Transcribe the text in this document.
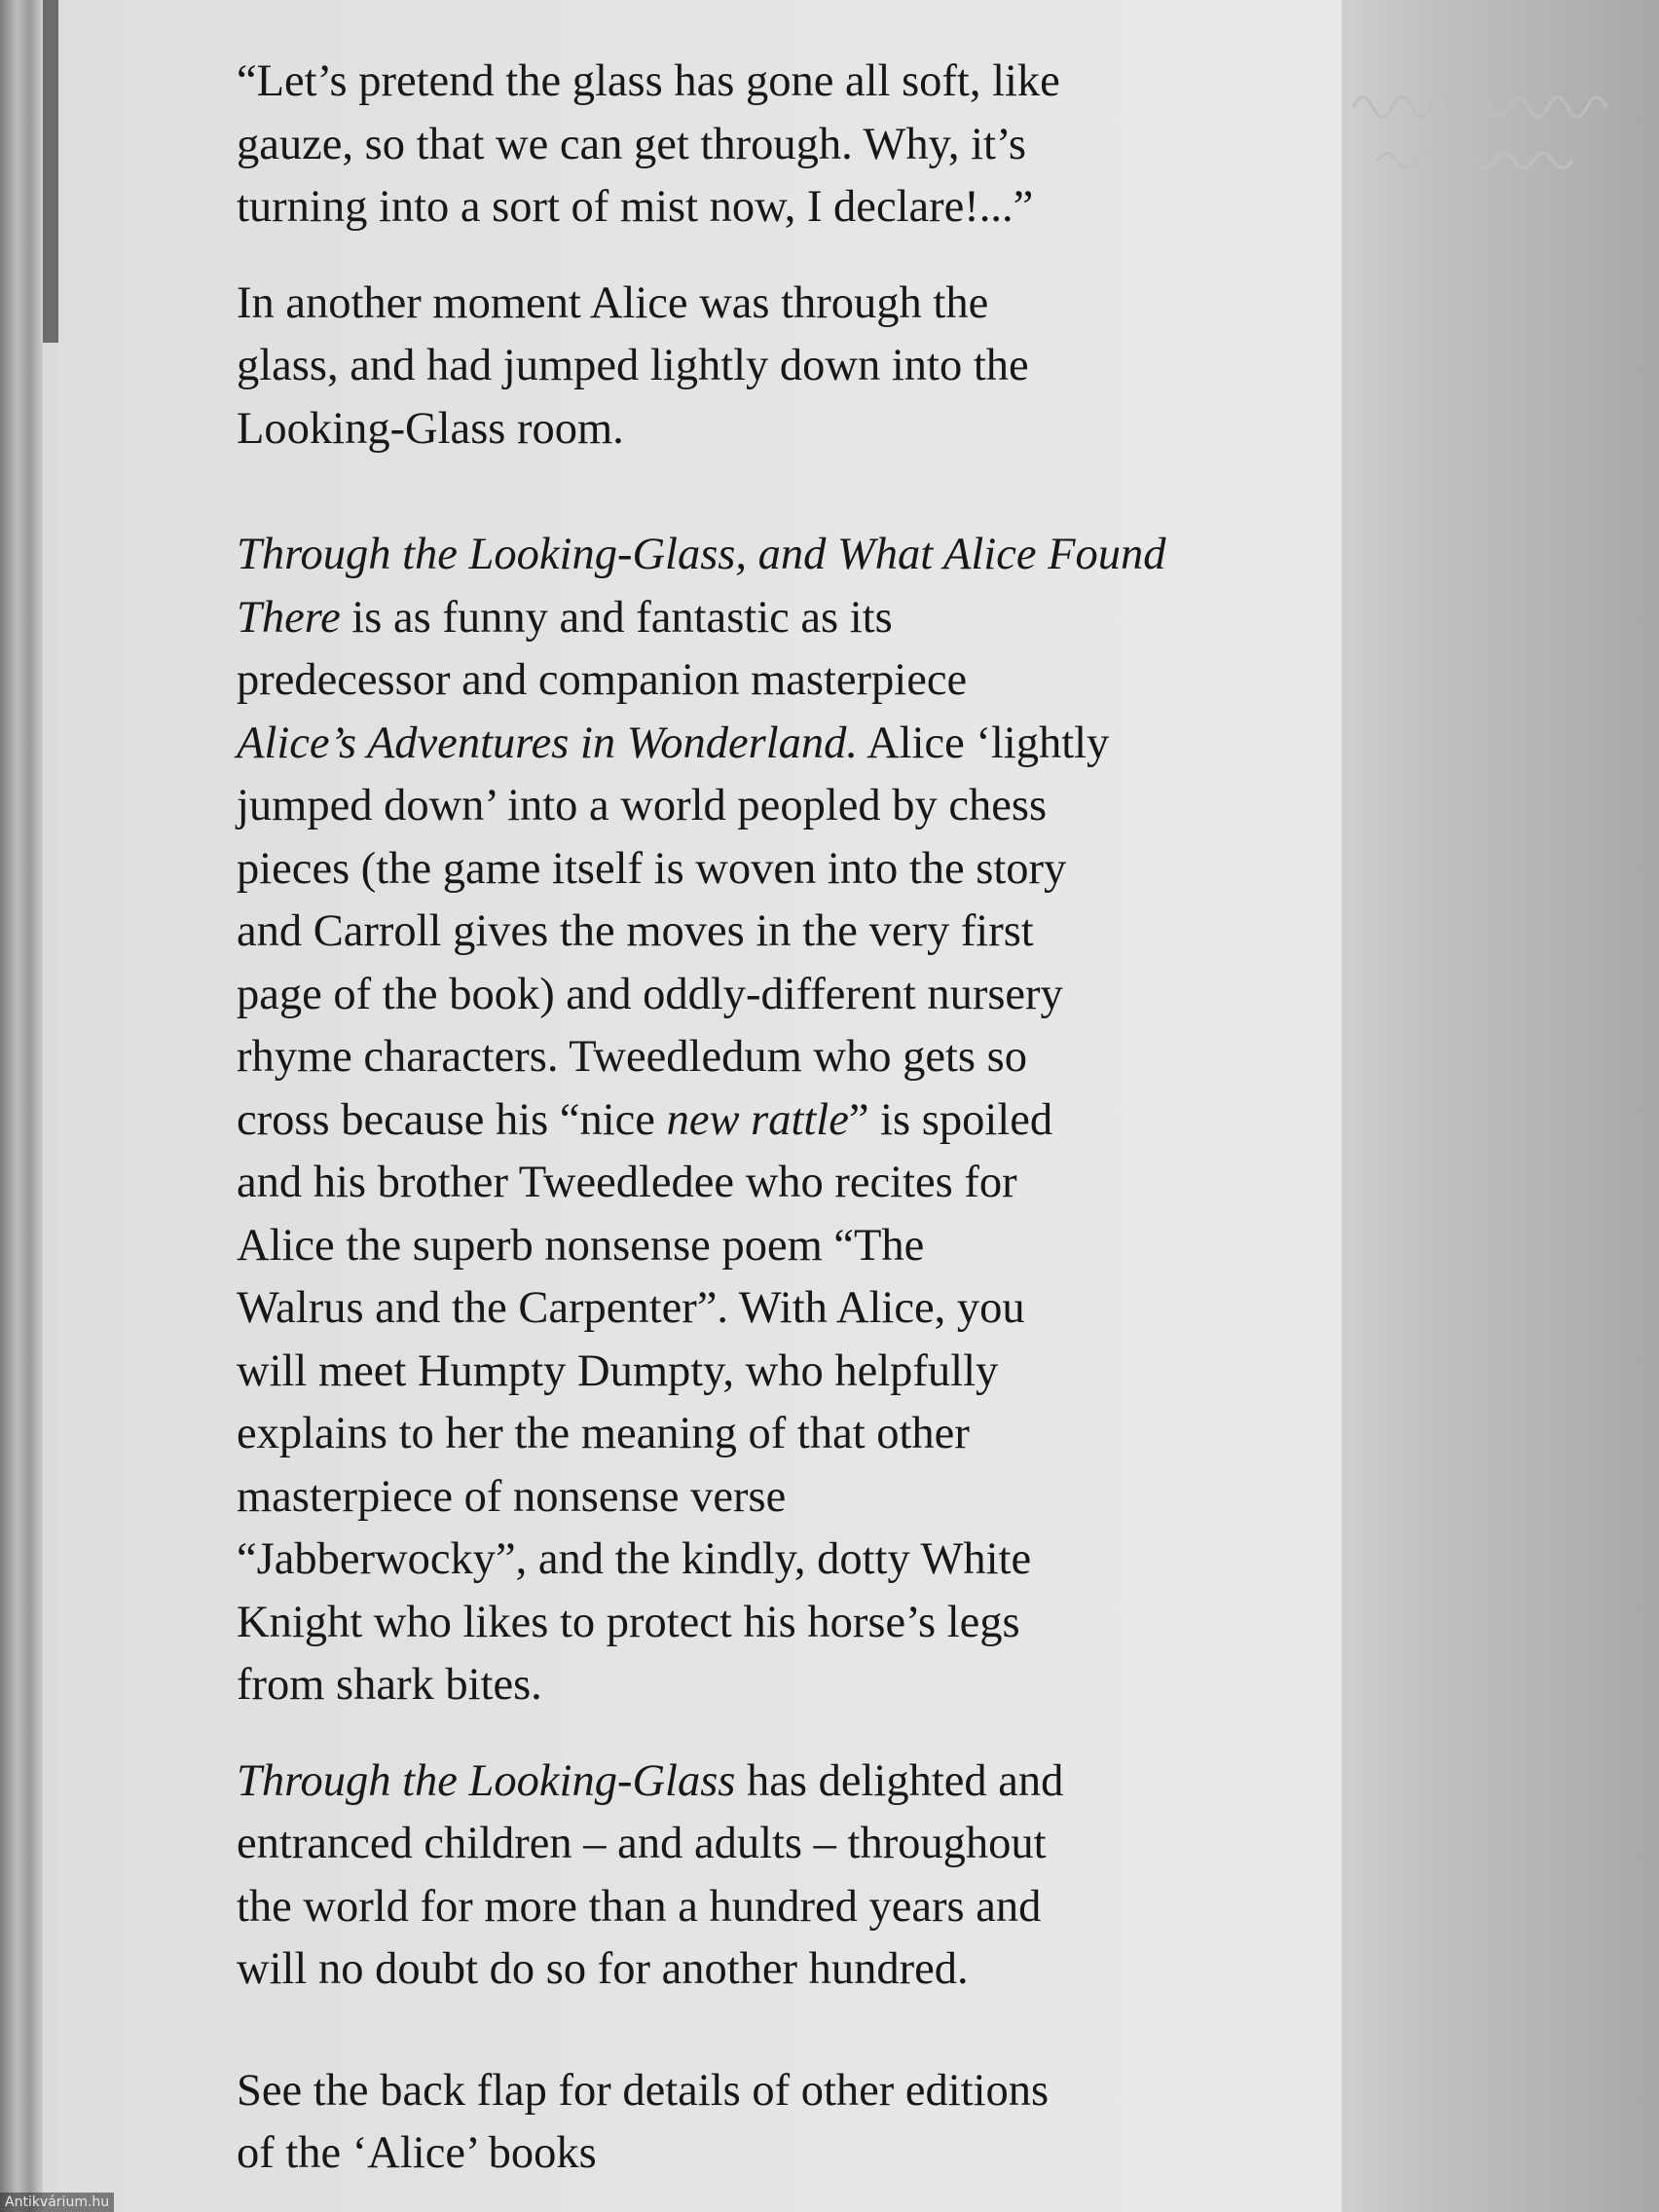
“Let’s pretend the glass has gone all soft, like
gauze, so that we can get through. Why, it’s
turning into a sort of mist now, I declare!...”

In another moment Alice was through the
glass, and had jumped lightly down into the
Looking-Glass room.

Through the Looking-Glass, and What Alice Found
There is as funny and fantastic as its
predecessor and companion masterpiece
Alice’s Adventures in Wonderland. Alice ‘lightly
jumped down’ into a world peopled by chess
pieces (the game itself is woven into the story
and Carroll gives the moves in the very first
page of the book) and oddly-different nursery
rhyme characters. Tweedledum who gets so
cross because his “nice new rattle” is spoiled
and his brother Tweedledee who recites for
Alice the superb nonsense poem “The
Walrus and the Carpenter”. With Alice, you
will meet Humpty Dumpty, who helpfully
explains to her the meaning of that other
masterpiece of nonsense verse
“Jabberwocky”, and the kindly, dotty White
Knight who likes to protect his horse’s legs
from shark bites.

Through the Looking-Glass has delighted and
entranced children – and adults – throughout
the world for more than a hundred years and
will no doubt do so for another hundred.

See the back flap for details of other editions
of the ‘Alice’ books

Antikvárium.hu
